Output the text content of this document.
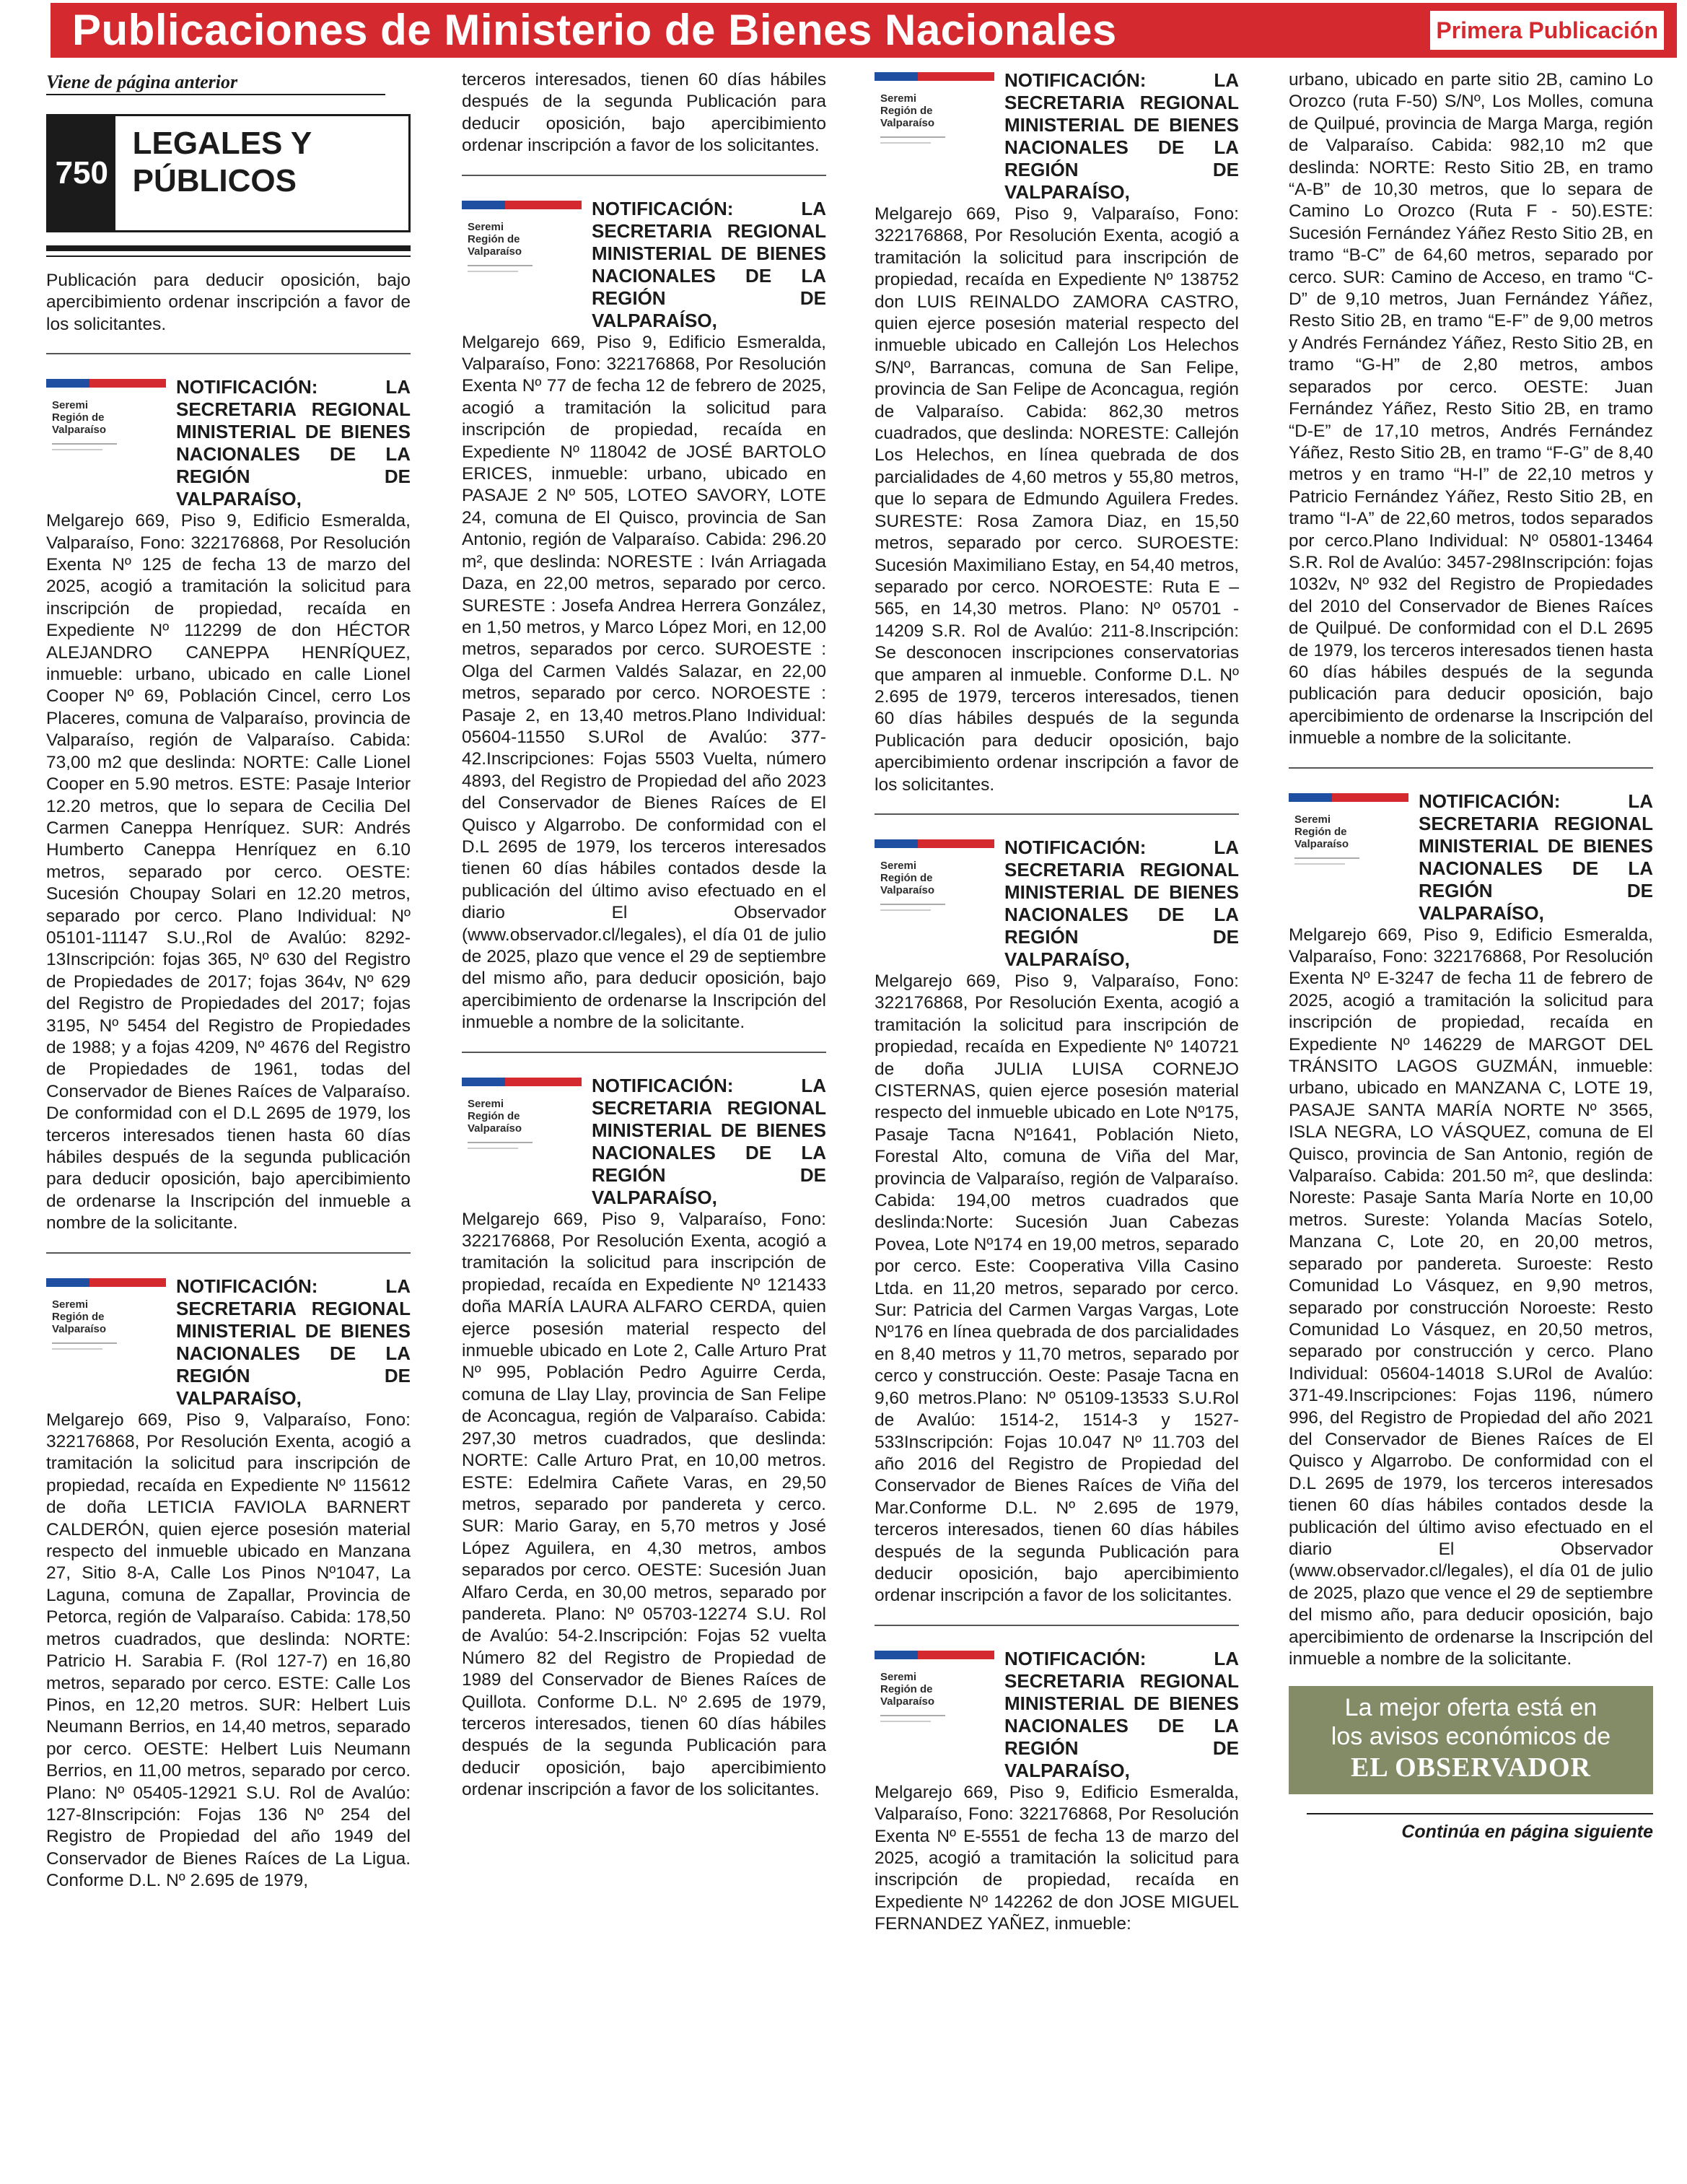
Publicaciones de Ministerio de Bienes Nacionales	Primera Publicación
Viene de página anterior
750
LEGALES Y PÚBLICOS

Publicación para deducir oposición, bajo apercibimiento ordenar inscripción a favor de los solicitantes.

Seremi
Región de
Valparaíso
NOTIFICACIÓN: LA
SECRETARIA REGIONAL
MINISTERIAL DE BIENES
NACIONALES DE LA
REGIÓN DE VALPARAÍSO,

Melgarejo 669, Piso 9, Edificio Esmeralda, Valparaíso, Fono: 322176868, Por Resolución Exenta Nº 125 de fecha 13 de marzo del 2025, acogió a tramitación la solicitud para inscripción de propiedad, recaída en Expediente Nº 112299 de don HÉCTOR ALEJANDRO CANEPPA HENRÍQUEZ, inmueble: urbano, ubicado en calle Lionel Cooper Nº 69, Población Cincel, cerro Los Placeres, comuna de Valparaíso, provincia de Valparaíso, región de Valparaíso. Cabida: 73,00 m2 que deslinda: NORTE: Calle Lionel Cooper en 5.90 metros. ESTE: Pasaje Interior 12.20 metros, que lo separa de Cecilia Del Carmen Caneppa Henríquez. SUR: Andrés Humberto Caneppa Henríquez en 6.10 metros, separado por cerco. OESTE: Sucesión Choupay Solari en 12.20 metros, separado por cerco. Plano Individual: Nº 05101-11147 S.U.,Rol de Avalúo: 8292-13Inscripción: fojas 365, Nº 630 del Registro de Propiedades de 2017; fojas 364v, Nº 629 del Registro de Propiedades del 2017; fojas 3195, Nº 5454 del Registro de Propiedades de 1988; y a fojas 4209, Nº 4676 del Registro de Propiedades de 1961, todas del Conservador de Bienes Raíces de Valparaíso. De conformidad con el D.L 2695 de 1979, los terceros interesados tienen hasta 60 días hábiles después de la segunda publicación para deducir oposición, bajo apercibimiento de ordenarse la Inscripción del inmueble a nombre de la solicitante.

Seremi
Región de
Valparaíso
NOTIFICACIÓN: LA
SECRETARIA REGIONAL
MINISTERIAL DE BIENES
NACIONALES DE LA
REGIÓN DE VALPARAÍSO,

Melgarejo 669, Piso 9, Valparaíso, Fono: 322176868, Por Resolución Exenta, acogió a tramitación la solicitud para inscripción de propiedad, recaída en Expediente Nº 115612 de doña LETICIA FAVIOLA BARNERT CALDERÓN, quien ejerce posesión material respecto del inmueble ubicado en Manzana 27, Sitio 8-A, Calle Los Pinos Nº1047, La Laguna, comuna de Zapallar, Provincia de Petorca, región de Valparaíso. Cabida: 178,50 metros cuadrados, que deslinda: NORTE: Patricio H. Sarabia F. (Rol 127-7) en 16,80 metros, separado por cerco. ESTE: Calle Los Pinos, en 12,20 metros. SUR: Helbert Luis Neumann Berrios, en 14,40 metros, separado por cerco. OESTE: Helbert Luis Neumann Berrios, en 11,00 metros, separado por cerco. Plano: Nº 05405-12921 S.U. Rol de Avalúo: 127-8Inscripción: Fojas 136 Nº 254 del Registro de Propiedad del año 1949 del Conservador de Bienes Raíces de La Ligua. Conforme D.L. Nº 2.695 de 1979,

terceros interesados, tienen 60 días hábiles después de la segunda Publicación para deducir oposición, bajo apercibimiento ordenar inscripción a favor de los solicitantes.

Seremi
Región de
Valparaíso
NOTIFICACIÓN: LA
SECRETARIA REGIONAL
MINISTERIAL DE BIENES
NACIONALES DE LA
REGIÓN DE VALPARAÍSO,

Melgarejo 669, Piso 9, Edificio Esmeralda, Valparaíso, Fono: 322176868, Por Resolución Exenta Nº 77 de fecha 12 de febrero de 2025, acogió a tramitación la solicitud para inscripción de propiedad, recaída en Expediente Nº 118042 de JOSÉ BARTOLO ERICES, inmueble: urbano, ubicado en PASAJE 2 Nº 505, LOTEO SAVORY, LOTE 24, comuna de El Quisco, provincia de San Antonio, región de Valparaíso. Cabida: 296.20 m², que deslinda: NORESTE : Iván Arriagada Daza, en 22,00 metros, separado por cerco. SURESTE : Josefa Andrea Herrera González, en 1,50 metros, y Marco López Mori, en 12,00 metros, separados por cerco. SUROESTE : Olga del Carmen Valdés Salazar, en 22,00 metros, separado por cerco. NOROESTE : Pasaje 2, en 13,40 metros.Plano Individual: 05604-11550 S.URol de Avalúo: 377-42.Inscripciones: Fojas 5503 Vuelta, número 4893, del Registro de Propiedad del año 2023 del Conservador de Bienes Raíces de El Quisco y Algarrobo. De conformidad con el D.L 2695 de 1979, los terceros interesados tienen 60 días hábiles contados desde la publicación del último aviso efectuado en el diario El Observador (www.observador.cl/legales), el día 01 de julio de 2025, plazo que vence el 29 de septiembre del mismo año, para deducir oposición, bajo apercibimiento de ordenarse la Inscripción del inmueble a nombre de la solicitante.

Seremi
Región de
Valparaíso
NOTIFICACIÓN: LA
SECRETARIA REGIONAL
MINISTERIAL DE BIENES
NACIONALES DE LA
REGIÓN DE VALPARAÍSO,

Melgarejo 669, Piso 9, Valparaíso, Fono: 322176868, Por Resolución Exenta, acogió a tramitación la solicitud para inscripción de propiedad, recaída en Expediente Nº 121433 doña MARÍA LAURA ALFARO CERDA, quien ejerce posesión material respecto del inmueble ubicado en Lote 2, Calle Arturo Prat Nº 995, Población Pedro Aguirre Cerda, comuna de Llay Llay, provincia de San Felipe de Aconcagua, región de Valparaíso. Cabida: 297,30 metros cuadrados, que deslinda: NORTE: Calle Arturo Prat, en 10,00 metros. ESTE: Edelmira Cañete Varas, en 29,50 metros, separado por pandereta y cerco. SUR: Mario Garay, en 5,70 metros y José López Aguilera, en 4,30 metros, ambos separados por cerco. OESTE: Sucesión Juan Alfaro Cerda, en 30,00 metros, separado por pandereta. Plano: Nº 05703-12274 S.U. Rol de Avalúo: 54-2.Inscripción: Fojas 52 vuelta Número 82 del Registro de Propiedad de 1989 del Conservador de Bienes Raíces de Quillota. Conforme D.L. Nº 2.695 de 1979, terceros interesados, tienen 60 días hábiles después de la segunda Publicación para deducir oposición, bajo apercibimiento ordenar inscripción a favor de los solicitantes.

Seremi
Región de
Valparaíso
NOTIFICACIÓN: LA
SECRETARIA REGIONAL
MINISTERIAL DE BIENES
NACIONALES DE LA
REGIÓN DE VALPARAÍSO,

Melgarejo 669, Piso 9, Valparaíso, Fono: 322176868, Por Resolución Exenta, acogió a tramitación la solicitud para inscripción de propiedad, recaída en Expediente Nº 138752 don LUIS REINALDO ZAMORA CASTRO, quien ejerce posesión material respecto del inmueble ubicado en Callejón Los Helechos S/Nº, Barrancas, comuna de San Felipe, provincia de San Felipe de Aconcagua, región de Valparaíso. Cabida: 862,30 metros cuadrados, que deslinda: NORESTE: Callejón Los Helechos, en línea quebrada de dos parcialidades de 4,60 metros y 55,80 metros, que lo separa de Edmundo Aguilera Fredes. SURESTE: Rosa Zamora Diaz, en 15,50 metros, separado por cerco. SUROESTE: Sucesión Maximiliano Estay, en 54,40 metros, separado por cerco. NOROESTE: Ruta E – 565, en 14,30 metros. Plano: Nº 05701 - 14209 S.R. Rol de Avalúo: 211-8.Inscripción: Se desconocen inscripciones conservatorias que amparen al inmueble. Conforme D.L. Nº 2.695 de 1979, terceros interesados, tienen 60 días hábiles después de la segunda Publicación para deducir oposición, bajo apercibimiento ordenar inscripción a favor de los solicitantes.

Seremi
Región de
Valparaíso
NOTIFICACIÓN: LA
SECRETARIA REGIONAL
MINISTERIAL DE BIENES
NACIONALES DE LA
REGIÓN DE VALPARAÍSO,

Melgarejo 669, Piso 9, Valparaíso, Fono: 322176868, Por Resolución Exenta, acogió a tramitación la solicitud para inscripción de propiedad, recaída en Expediente Nº 140721 de doña JULIA LUISA CORNEJO CISTERNAS, quien ejerce posesión material respecto del inmueble ubicado en Lote Nº175, Pasaje Tacna Nº1641, Población Nieto, Forestal Alto, comuna de Viña del Mar, provincia de Valparaíso, región de Valparaíso. Cabida: 194,00 metros cuadrados que deslinda:Norte: Sucesión Juan Cabezas Povea, Lote Nº174 en 19,00 metros, separado por cerco. Este: Cooperativa Villa Casino Ltda. en 11,20 metros, separado por cerco. Sur: Patricia del Carmen Vargas Vargas, Lote Nº176 en línea quebrada de dos parcialidades en 8,40 metros y 11,70 metros, separado por cerco y construcción. Oeste: Pasaje Tacna en 9,60 metros.Plano: Nº 05109-13533 S.U.Rol de Avalúo: 1514-2, 1514-3 y 1527-533Inscripción: Fojas 10.047 Nº 11.703 del año 2016 del Registro de Propiedad del Conservador de Bienes Raíces de Viña del Mar.Conforme D.L. Nº 2.695 de 1979, terceros interesados, tienen 60 días hábiles después de la segunda Publicación para deducir oposición, bajo apercibimiento ordenar inscripción a favor de los solicitantes.

Seremi
Región de
Valparaíso
NOTIFICACIÓN: LA
SECRETARIA REGIONAL
MINISTERIAL DE BIENES
NACIONALES DE LA
REGIÓN DE VALPARAÍSO,

Melgarejo 669, Piso 9, Edificio Esmeralda, Valparaíso, Fono: 322176868, Por Resolución Exenta Nº E-5551 de fecha 13 de marzo del 2025, acogió a tramitación la solicitud para inscripción de propiedad, recaída en Expediente Nº 142262 de don JOSE MIGUEL FERNANDEZ YAÑEZ, inmueble:

urbano, ubicado en parte sitio 2B, camino Lo Orozco (ruta F-50) S/Nº, Los Molles, comuna de Quilpué, provincia de Marga Marga, región de Valparaíso. Cabida: 982,10 m2 que deslinda: NORTE: Resto Sitio 2B, en tramo “A-B” de 10,30 metros, que lo separa de Camino Lo Orozco (Ruta F - 50).ESTE: Sucesión Fernández Yáñez Resto Sitio 2B, en tramo “B-C” de 64,60 metros, separado por cerco. SUR: Camino de Acceso, en tramo “C-D” de 9,10 metros, Juan Fernández Yáñez, Resto Sitio 2B, en tramo “E-F” de 9,00 metros y Andrés Fernández Yáñez, Resto Sitio 2B, en tramo “G-H” de 2,80 metros, ambos separados por cerco. OESTE: Juan Fernández Yáñez, Resto Sitio 2B, en tramo “D-E” de 17,10 metros, Andrés Fernández Yáñez, Resto Sitio 2B, en tramo “F-G” de 8,40 metros y en tramo “H-I” de 22,10 metros y Patricio Fernández Yáñez, Resto Sitio 2B, en tramo “I-A” de 22,60 metros, todos separados por cerco.Plano Individual: Nº 05801-13464 S.R. Rol de Avalúo: 3457-298Inscripción: fojas 1032v, Nº 932 del Registro de Propiedades del 2010 del Conservador de Bienes Raíces de Quilpué. De conformidad con el D.L 2695 de 1979, los terceros interesados tienen hasta 60 días hábiles después de la segunda publicación para deducir oposición, bajo apercibimiento de ordenarse la Inscripción del inmueble a nombre de la solicitante.

Seremi
Región de
Valparaíso
NOTIFICACIÓN: LA
SECRETARIA REGIONAL
MINISTERIAL DE BIENES
NACIONALES DE LA
REGIÓN DE VALPARAÍSO,

Melgarejo 669, Piso 9, Edificio Esmeralda, Valparaíso, Fono: 322176868, Por Resolución Exenta Nº E-3247 de fecha 11 de febrero de 2025, acogió a tramitación la solicitud para inscripción de propiedad, recaída en Expediente Nº 146229 de MARGOT DEL TRÁNSITO LAGOS GUZMÁN, inmueble: urbano, ubicado en MANZANA C, LOTE 19, PASAJE SANTA MARÍA NORTE Nº 3565, ISLA NEGRA, LO VÁSQUEZ, comuna de El Quisco, provincia de San Antonio, región de Valparaíso. Cabida: 201.50 m², que deslinda: Noreste: Pasaje Santa María Norte en 10,00 metros. Sureste: Yolanda Macías Sotelo, Manzana C, Lote 20, en 20,00 metros, separado por pandereta. Suroeste: Resto Comunidad Lo Vásquez, en 9,90 metros, separado por construcción Noroeste: Resto Comunidad Lo Vásquez, en 20,50 metros, separado por construcción y cerco. Plano Individual: 05604-14018 S.URol de Avalúo: 371-49.Inscripciones: Fojas 1196, número 996, del Registro de Propiedad del año 2021 del Conservador de Bienes Raíces de El Quisco y Algarrobo. De conformidad con el D.L 2695 de 1979, los terceros interesados tienen 60 días hábiles contados desde la publicación del último aviso efectuado en el diario El Observador (www.observador.cl/legales), el día 01 de julio de 2025, plazo que vence el 29 de septiembre del mismo año, para deducir oposición, bajo apercibimiento de ordenarse la Inscripción del inmueble a nombre de la solicitante.

La mejor oferta está en
los avisos económicos de
EL OBSERVADOR
Continúa en página siguiente
